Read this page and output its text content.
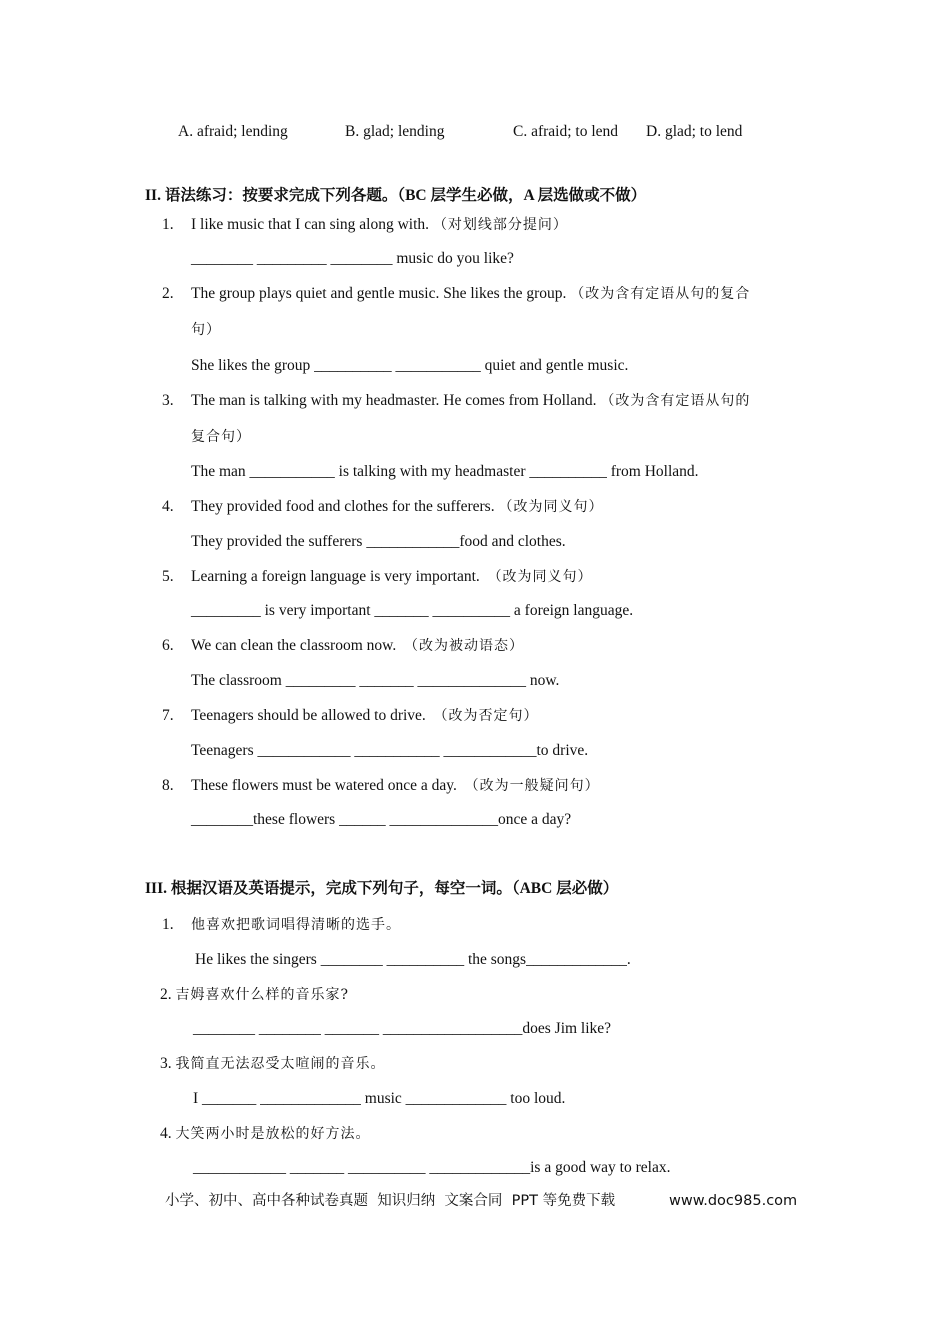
A. afraid; lending	B. glad; lending	C. afraid; to lend D. glad; to lend
II. 语法练习：按要求完成下列各题。（BC 层学生必做，A 层选做或不做）
1. I like music that I can sing along with. （对划线部分提问）
________ _________ ________ music do you like?
2. The group plays quiet and gentle music. She likes the group. （改为含有定语从句的复合
句）
She likes the group __________ ___________ quiet and gentle music.
3. The man is talking with my headmaster. He comes from Holland. （改为含有定语从句的
复合句）
The man ___________ is talking with my headmaster __________ from Holland.
4. They provided food and clothes for the sufferers. （改为同义句）
They provided the sufferers ____________food and clothes.
5. Learning a foreign language is very important.  （改为同义句）
_________ is very important _______ __________ a foreign language.
6. We can clean the classroom now.  （改为被动语态）
The classroom _________ _______ ______________ now.
7. Teenagers should be allowed to drive.  （改为否定句）
Teenagers ____________ ___________ ____________to drive.
8. These flowers must be watered once a day.  （改为一般疑问句）
________these flowers ______ ______________once a day?
III. 根据汉语及英语提示，完成下列句子，每空一词。（ABC 层必做）
1. 他喜欢把歌词唱得清晰的选手。
He likes the singers ________ __________ the songs_____________.
2. 吉姆喜欢什么样的音乐家?
________ ________ _______ __________________does Jim like?
3. 我简直无法忍受太喧闹的音乐。
I _______ _____________ music _____________ too loud.
4. 大笑两小时是放松的好方法。
____________ _______ __________ _____________is a good way to relax.
小学、初中、高中各种试卷真题  知识归纳  文案合同  PPT 等免费下载	www.doc985.com
